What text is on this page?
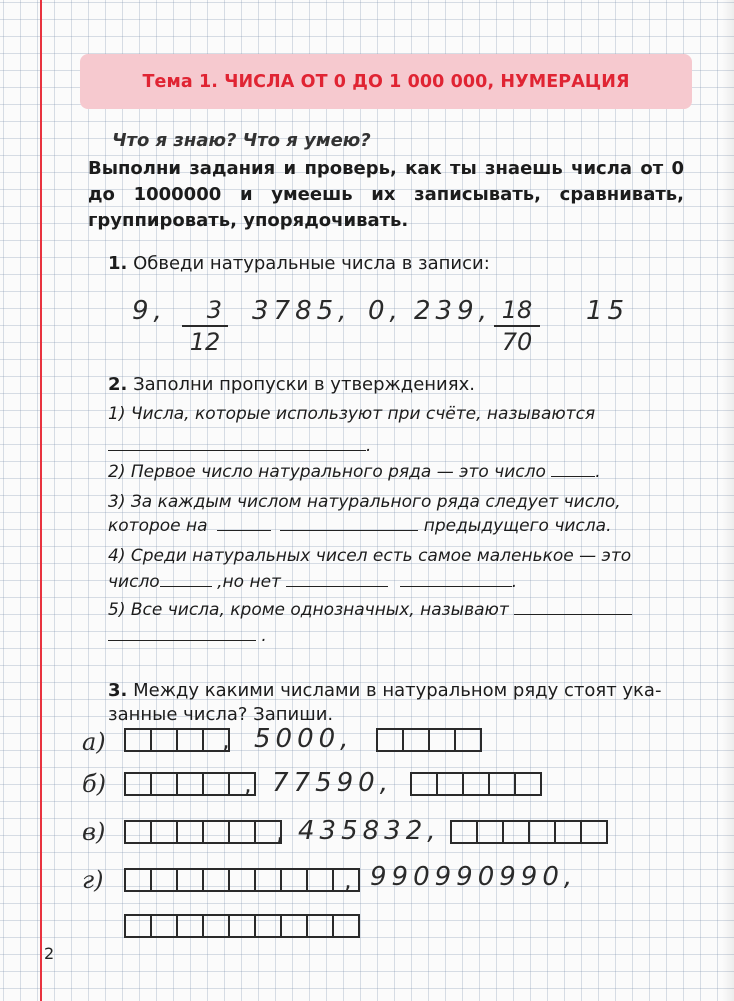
Тема 1. ЧИСЛА ОТ 0 ДО 1 000 000, НУМЕРАЦИЯ
Что я знаю? Что я умею?
Выполни задания и проверь, как ты знаешь числа от 0 до 1000000 и умеешь их записывать, сравнивать, группировать, упорядочивать.
1. Обведи натуральные числа в записи:
9,	3
12
3785, 0, 239, 18
70
15
2. Заполни пропуски в утверждениях.
1) Числа, которые используют при счёте, называются
.
2) Первое число натурального ряда — это число	.
3) За каждым числом натурального ряда следует число,
которое на	предыдущего числа.
4) Среди натуральных чисел есть самое маленькое — это
число	,но нет	.
5) Все числа, кроме однозначных, называют
.
3. Между какими числами в натуральном ряду стоят ука-
занные числа? Запиши.
а)	, 5000,
б)	, 77590,
в)	, 435832,
г)	, 990990990,
2
